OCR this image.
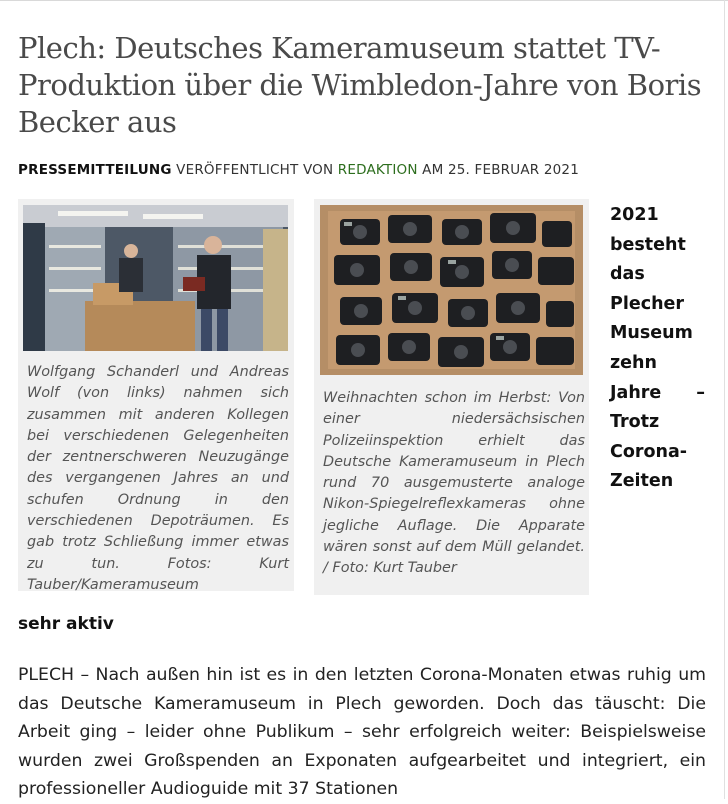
Plech: Deutsches Kameramuseum stattet TV-Produktion über die Wimbledon-Jahre von Boris Becker aus
PRESSEMITTEILUNG VERÖFFENTLICHT VON REDAKTION AM 25. FEBRUAR 2021

Wolfgang Schanderl und Andreas Wolf (von links) nahmen sich zusammen mit anderen Kollegen bei verschiedenen Gelegenheiten der zentnerschweren Neuzugänge des vergangenen Jahres an und schufen Ordnung in den verschiedenen Depoträumen. Es gab trotz Schließung immer etwas zu tun. Fotos: Kurt Tauber/Kameramuseum

Weihnachten schon im Herbst: Von einer niedersächsischen Polizeiinspektion erhielt das Deutsche Kameramuseum in Plech rund 70 ausgemusterte analoge Nikon-Spiegelreflexkameras ohne jegliche Auflage. Die Apparate wären sonst auf dem Müll gelandet. / Foto: Kurt Tauber

2021 besteht das Plecher Museum zehn Jahre – Trotz Corona-Zeiten

sehr aktiv

PLECH – Nach außen hin ist es in den letzten Corona-Monaten etwas ruhig um das Deutsche Kameramuseum in Plech geworden. Doch das täuscht: Die Arbeit ging – leider ohne Publikum – sehr erfolgreich weiter: Beispielsweise wurden zwei Großspenden an Exponaten aufgearbeitet und integriert, ein professioneller Audioguide mit 37 Stationen
